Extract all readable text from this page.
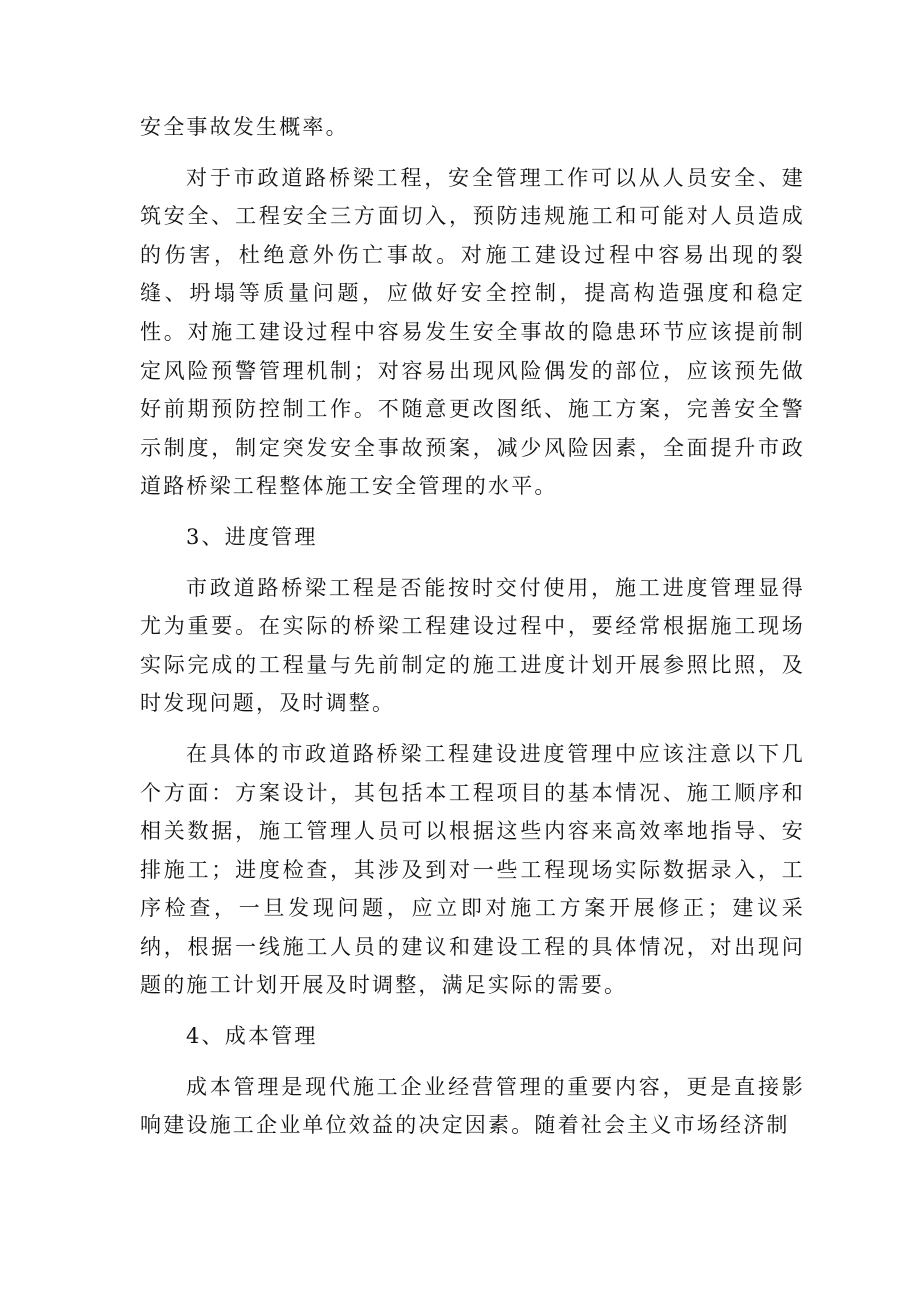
安全事故发生概率。

对于市政道路桥梁工程，安全管理工作可以从人员安全、建筑安全、工程安全三方面切入，预防违规施工和可能对人员造成的伤害，杜绝意外伤亡事故。对施工建设过程中容易出现的裂缝、坍塌等质量问题，应做好安全控制，提高构造强度和稳定性。对施工建设过程中容易发生安全事故的隐患环节应该提前制定风险预警管理机制；对容易出现风险偶发的部位，应该预先做好前期预防控制工作。不随意更改图纸、施工方案，完善安全警示制度，制定突发安全事故预案，减少风险因素，全面提升市政道路桥梁工程整体施工安全管理的水平。

3、进度管理

市政道路桥梁工程是否能按时交付使用，施工进度管理显得尤为重要。在实际的桥梁工程建设过程中，要经常根据施工现场实际完成的工程量与先前制定的施工进度计划开展参照比照，及时发现问题，及时调整。

在具体的市政道路桥梁工程建设进度管理中应该注意以下几个方面：方案设计，其包括本工程项目的基本情况、施工顺序和相关数据，施工管理人员可以根据这些内容来高效率地指导、安排施工；进度检查，其涉及到对一些工程现场实际数据录入，工序检查，一旦发现问题，应立即对施工方案开展修正；建议采纳，根据一线施工人员的建议和建设工程的具体情况，对出现问题的施工计划开展及时调整，满足实际的需要。

4、成本管理

成本管理是现代施工企业经营管理的重要内容，更是直接影响建设施工企业单位效益的决定因素。随着社会主义市场经济制
